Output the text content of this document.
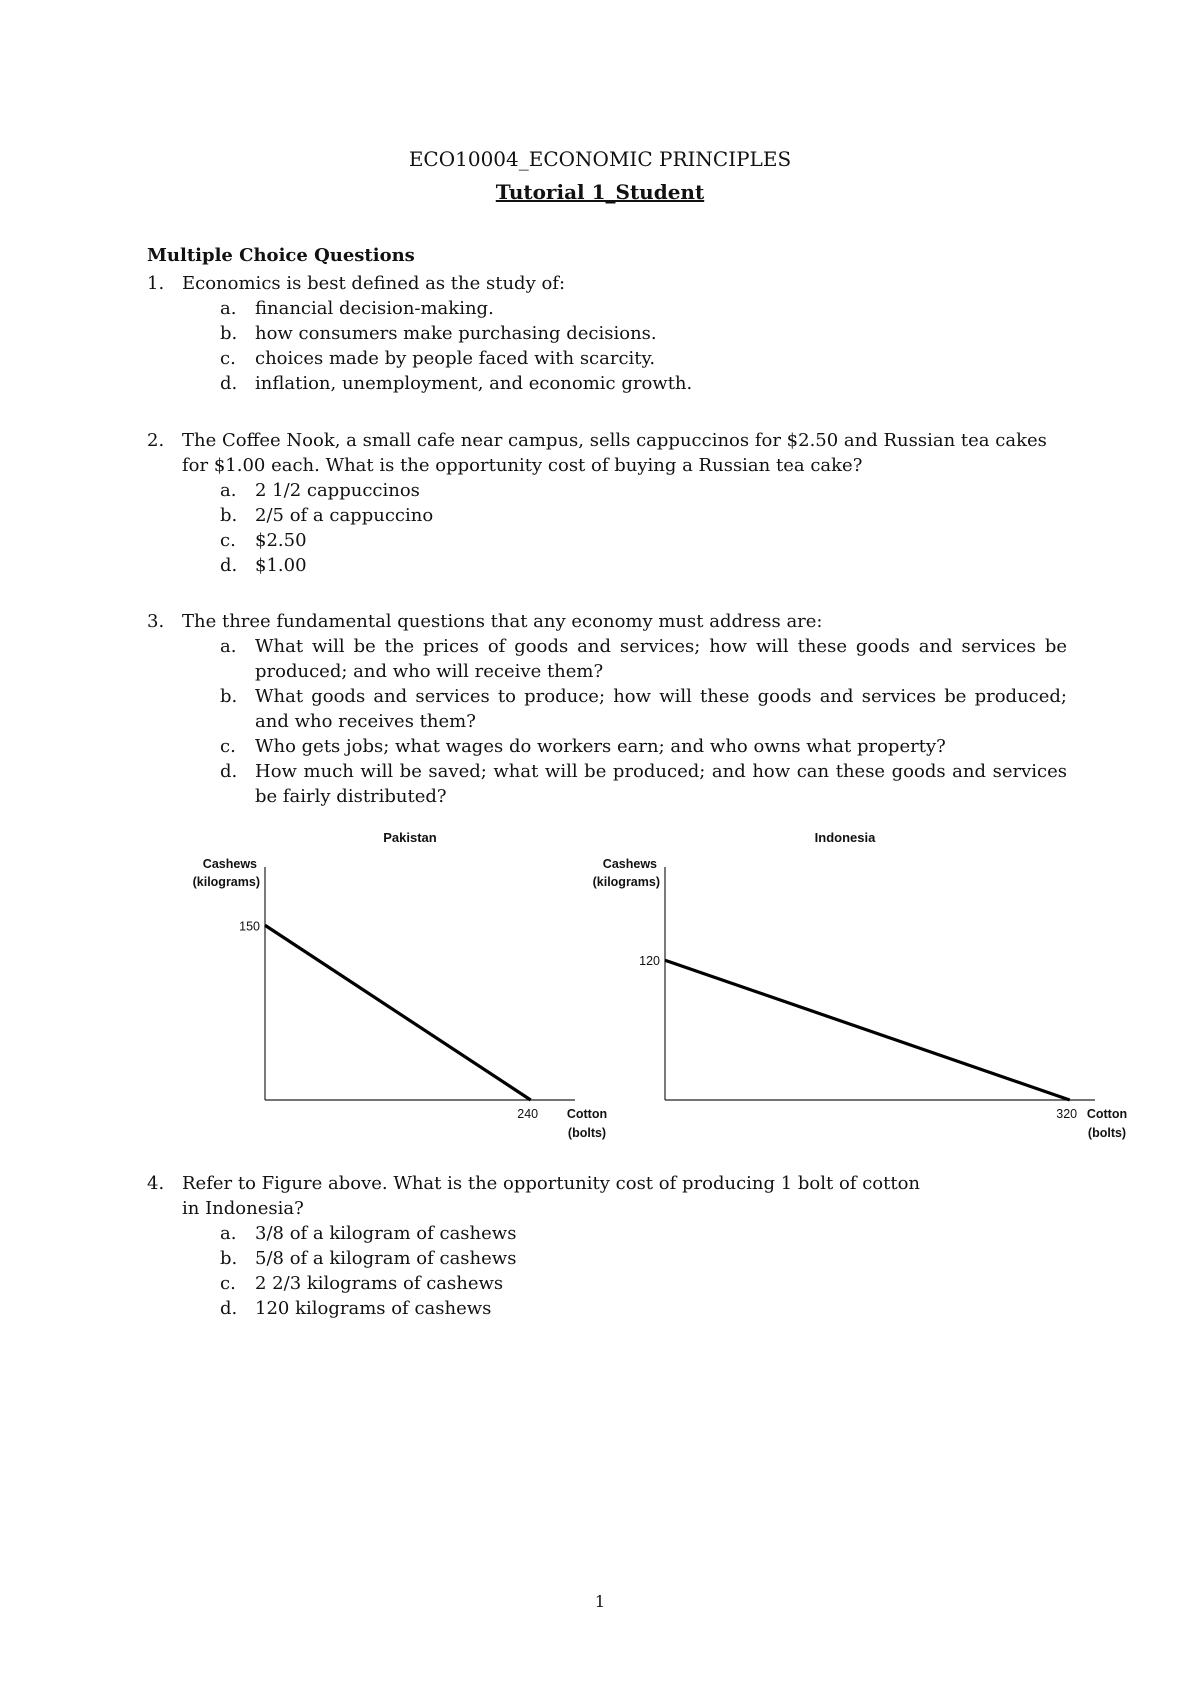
ECO10004_ECONOMIC PRINCIPLES
Tutorial 1_Student
Multiple Choice Questions
1. Economics is best defined as the study of:
a. financial decision-making.
b. how consumers make purchasing decisions.
c. choices made by people faced with scarcity.
d. inflation, unemployment, and economic growth.
2. The Coffee Nook, a small cafe near campus, sells cappuccinos for $2.50 and Russian tea cakes for $1.00 each. What is the opportunity cost of buying a Russian tea cake?
a. 2 1/2 cappuccinos
b. 2/5 of a cappuccino
c. $2.50
d. $1.00
3. The three fundamental questions that any economy must address are:
a. What will be the prices of goods and services; how will these goods and services be produced; and who will receive them?
b. What goods and services to produce; how will these goods and services be produced; and who receives them?
c. Who gets jobs; what wages do workers earn; and who owns what property?
d. How much will be saved; what will be produced; and how can these goods and services be fairly distributed?
Pakistan
Cashews
(kilograms)
150
240 Cotton
(bolts)
Indonesia
Cashews
(kilograms)
120
320 Cotton
(bolts)
4. Refer to Figure above. What is the opportunity cost of producing 1 bolt of cotton in Indonesia?
a. 3/8 of a kilogram of cashews
b. 5/8 of a kilogram of cashews
c. 2 2/3 kilograms of cashews
d. 120 kilograms of cashews
1
